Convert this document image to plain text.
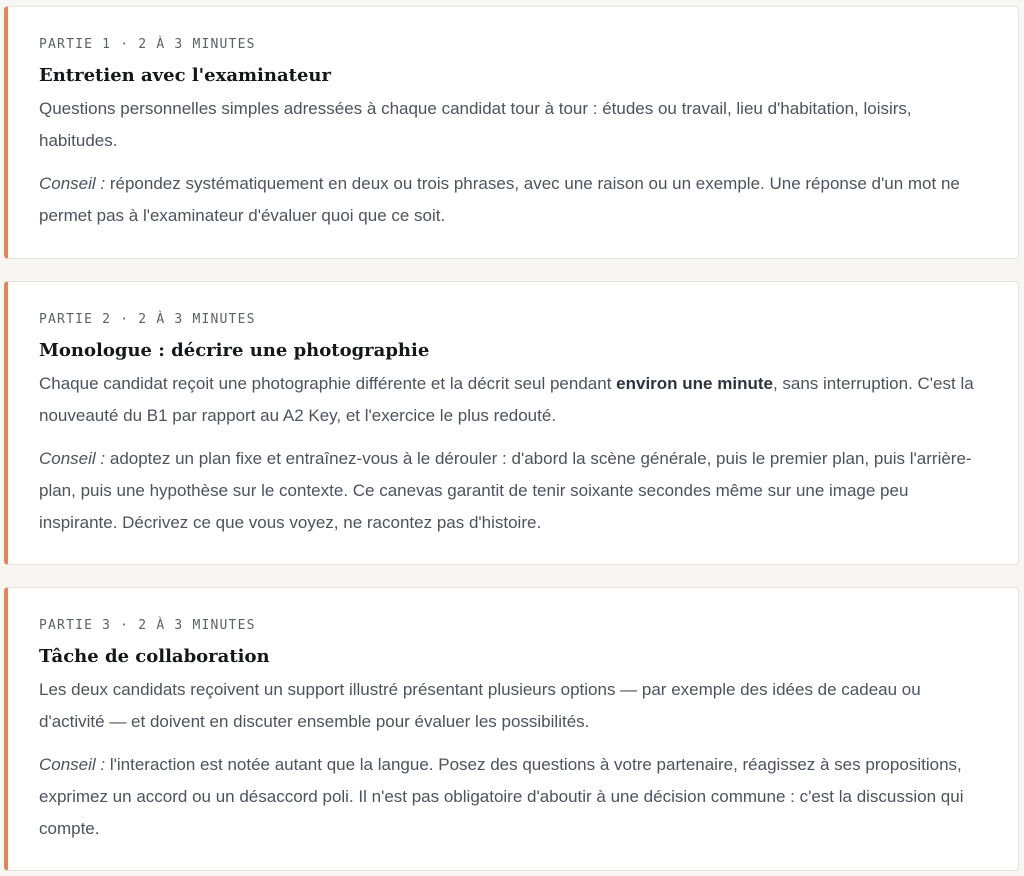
PARTIE 1 · 2 À 3 MINUTES

Entretien avec l'examinateur

Questions personnelles simples adressées à chaque candidat tour à tour : études ou travail, lieu d'habitation, loisirs, habitudes.

Conseil : répondez systématiquement en deux ou trois phrases, avec une raison ou un exemple. Une réponse d'un mot ne permet pas à l'examinateur d'évaluer quoi que ce soit.

PARTIE 2 · 2 À 3 MINUTES

Monologue : décrire une photographie

Chaque candidat reçoit une photographie différente et la décrit seul pendant environ une minute, sans interruption. C'est la nouveauté du B1 par rapport au A2 Key, et l'exercice le plus redouté.

Conseil : adoptez un plan fixe et entraînez-vous à le dérouler : d'abord la scène générale, puis le premier plan, puis l'arrière-plan, puis une hypothèse sur le contexte. Ce canevas garantit de tenir soixante secondes même sur une image peu inspirante. Décrivez ce que vous voyez, ne racontez pas d'histoire.

PARTIE 3 · 2 À 3 MINUTES

Tâche de collaboration

Les deux candidats reçoivent un support illustré présentant plusieurs options — par exemple des idées de cadeau ou d'activité — et doivent en discuter ensemble pour évaluer les possibilités.

Conseil : l'interaction est notée autant que la langue. Posez des questions à votre partenaire, réagissez à ses propositions, exprimez un accord ou un désaccord poli. Il n'est pas obligatoire d'aboutir à une décision commune : c'est la discussion qui compte.
